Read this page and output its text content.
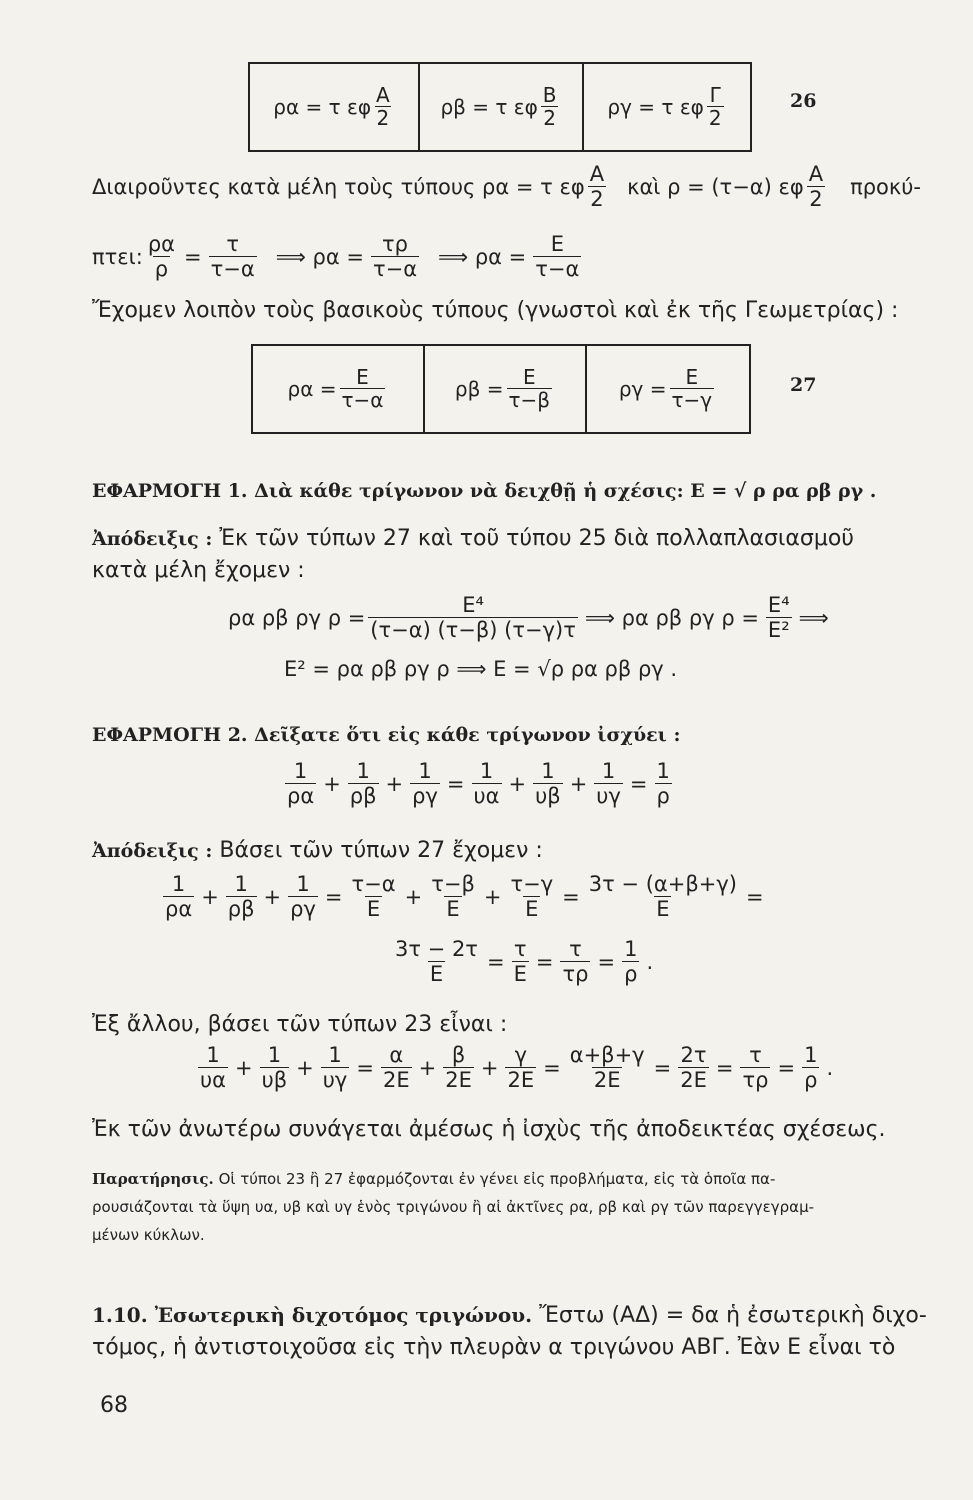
ρα = τ εφ $\frac{A}{2}$ ρβ = τ εφ $\frac{B}{2}$ ργ = τ εφ $\frac{\Gamma}{2}$	26
Διαιροῦντες κατὰ μέλη τοὺς τύπους ρα = τ εφ $\frac{A}{2}$ καὶ ρ = (τ−α) εφ $\frac{A}{2} \pi\rho o\kappa ύ-$
πτει: $\frac{\rho\alpha}{\rho} = \frac{\tau}{\tau-\alpha}$ ⟹ $\rho\alpha = \frac{\tau\rho}{\tau-\alpha}$ ⟹ $\rho\alpha = \frac{E}{\tau-\alpha}$
Ἔχομεν λοιπὸν τοὺς βασικοὺς τύπους (γνωστοὶ καὶ ἐκ τῆς Γεωμετρίας) :
$\rho\alpha = \frac{E}{\tau-\alpha}$	$\rho\beta = \frac{E}{\tau-\beta}$	$\rho\gamma = \frac{E}{\tau-\gamma}$	27
ΕΦΑΡΜΟΓΗ 1. Διὰ κάθε τρίγωνον νὰ δειχθῇ ἡ σχέσις: Ε = √ ρ ρα ρβ ργ .
Ἀπόδειξις : Ἐκ τῶν τύπων 27 καὶ τοῦ τύπου 25 διὰ πολλαπλασιασμοῦ
κατὰ μέλη ἔχομεν :
ρα ρβ ργ $\rho = \frac{\text{Ε⁴}}{(\tau-\alpha) (\tau-\beta) (\tau-\gamma)\tau}$ ⟹ ρα ρβ ργ $\rho = \frac{\text{Ε⁴}}{\text{Ε²}}$ ⟹
Ε² = ρα ρβ ργ ρ ⟹ Ε = √ρ ρα ρβ ργ .
ΕΦΑΡΜΟΓΗ 2. Δεῖξατε ὅτι εἰς κάθε τρίγωνον ἰσχύει :
$\frac{1}{\rho\alpha} + \frac{1}{\rho\beta} + \frac{1}{\rho\gamma} = \frac{1}{\upsilon\alpha} + \frac{1}{\upsilon\beta} + \frac{1}{\upsilon\gamma} = \frac{1}{\rho}$
Ἀπόδειξις : Βάσει τῶν τύπων 27 ἔχομεν :
$\frac{1}{\rho\alpha} + \frac{1}{\rho\beta} + \frac{1}{\rho\gamma} = \frac{\tau-\alpha}{E} + \frac{\tau-\beta}{E} + \frac{\tau-\gamma}{E} = \frac{3\tau - (\alpha+\beta+\gamma)}{E}$ =
$\frac{3\tau - 2\tau}{E} = \frac{\tau}{E} = \frac{\tau}{\tau\rho} = \frac{1}{\rho}$ .
Ἐξ ἄλλου, βάσει τῶν τύπων 23 εἶναι :
$\frac{1}{\upsilon\alpha} + \frac{1}{\upsilon\beta} + \frac{1}{\upsilon\gamma} = \frac{\alpha}{2E} + \frac{\beta}{2E} + \frac{\gamma}{2E} = \frac{\alpha+\beta+\gamma}{2E} = \frac{2\tau}{2E} = \frac{\tau}{\tau\rho} = \frac{1}{\rho}$ .
Ἐκ τῶν ἀνωτέρω συνάγεται ἀμέσως ἡ ἰσχὺς τῆς ἀποδεικτέας σχέσεως.
Παρατήρησις. Οἱ τύποι 23 ἢ 27 ἐφαρμόζονται ἐν γένει εἰς προβλήματα, εἰς τὰ ὁποῖα πα-
ρουσιάζονται τὰ ὕψη υα, υβ καὶ υγ ἑνὸς τριγώνου ἢ αἱ ἀκτῖνες ρα, ρβ καὶ ργ τῶν παρεγγεγραμ-
μένων κύκλων.
1.10. Ἐσωτερικὴ διχοτόμος τριγώνου. Ἔστω (ΑΔ) = δα ἡ ἐσωτερικὴ διχο-
τόμος, ἡ ἀντιστοιχοῦσα εἰς τὴν πλευρὰν α τριγώνου ΑΒΓ. Ἐὰν Ε εἶναι τὸ
68
